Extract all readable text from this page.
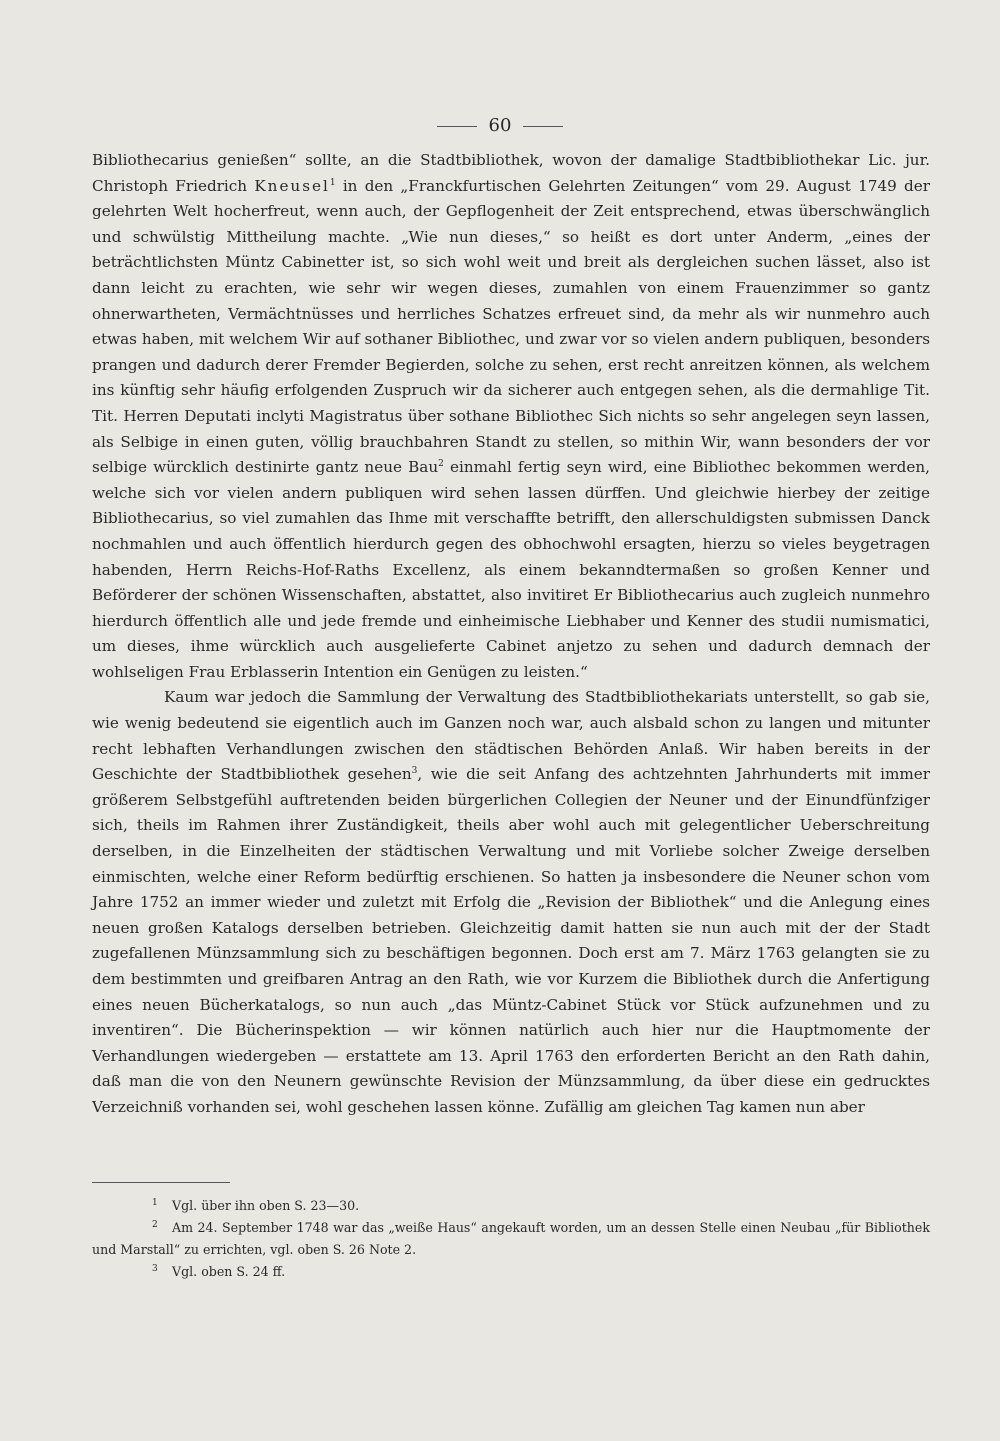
60

Bibliothecarius genießen“ sollte, an die Stadtbibliothek, wovon der damalige Stadtbibliothekar Lic. jur. Christoph Friedrich Kneusel$^1$ in den „Franckfurtischen Gelehrten Zeitungen“ vom 29. August 1749 der gelehrten Welt hocherfreut, wenn auch, der Gepflogenheit der Zeit entsprechend, etwas überschwänglich und schwülstig Mittheilung machte. „Wie nun dieses,“ so heißt es dort unter Anderm, „eines der beträchtlichsten Müntz Cabinetter ist, so sich wohl weit und breit als dergleichen suchen lässet, also ist dann leicht zu erachten, wie sehr wir wegen dieses, zumahlen von einem Frauenzimmer so gantz ohnerwartheten, Vermächtnüsses und herrliches Schatzes erfreuet sind, da mehr als wir nunmehro auch etwas haben, mit welchem Wir auf sothaner Bibliothec, und zwar vor so vielen andern publiquen, besonders prangen und dadurch derer Fremder Begierden, solche zu sehen, erst recht anreitzen können, als welchem ins künftig sehr häufig erfolgenden Zuspruch wir da sicherer auch entgegen sehen, als die dermahlige Tit. Tit. Herren Deputati inclyti Magistratus über sothane Bibliothec Sich nichts so sehr angelegen seyn lassen, als Selbige in einen guten, völlig brauchbahren Standt zu stellen, so mithin Wir, wann besonders der vor selbige würcklich destinirte gantz neue Bau$^2$ einmahl fertig seyn wird, eine Bibliothec bekommen werden, welche sich vor vielen andern publiquen wird sehen lassen dürffen. Und gleichwie hierbey der zeitige Bibliothecarius, so viel zumahlen das Ihme mit verschaffte betrifft, den allerschuldigsten submissen Danck nochmahlen und auch öffentlich hierdurch gegen des obhochwohl ersagten, hierzu so vieles beygetragen habenden, Herrn Reichs-Hof-Raths Excellenz, als einem bekanndtermaßen so großen Kenner und Beförderer der schönen Wissenschaften, abstattet, also invitiret Er Bibliothecarius auch zugleich nunmehro hierdurch öffentlich alle und jede fremde und einheimische Liebhaber und Kenner des studii numismatici, um dieses, ihme würcklich auch ausgelieferte Cabinet anjetzo zu sehen und dadurch demnach der wohlseligen Frau Erblasserin Intention ein Genügen zu leisten.“

Kaum war jedoch die Sammlung der Verwaltung des Stadtbibliothekariats unterstellt, so gab sie, wie wenig bedeutend sie eigentlich auch im Ganzen noch war, auch alsbald schon zu langen und mitunter recht lebhaften Verhandlungen zwischen den städtischen Behörden Anlaß. Wir haben bereits in der Geschichte der Stadtbibliothek gesehen$^3$, wie die seit Anfang des achtzehnten Jahrhunderts mit immer größerem Selbstgefühl auftretenden beiden bürgerlichen Collegien der Neuner und der Einundfünfziger sich, theils im Rahmen ihrer Zuständigkeit, theils aber wohl auch mit gelegentlicher Ueberschreitung derselben, in die Einzelheiten der städtischen Verwaltung und mit Vorliebe solcher Zweige derselben einmischten, welche einer Reform bedürftig erschienen. So hatten ja insbesondere die Neuner schon vom Jahre 1752 an immer wieder und zuletzt mit Erfolg die „Revision der Bibliothek“ und die Anlegung eines neuen großen Katalogs derselben betrieben. Gleichzeitig damit hatten sie nun auch mit der der Stadt zugefallenen Münzsammlung sich zu beschäftigen begonnen. Doch erst am 7. März 1763 gelangten sie zu dem bestimmten und greifbaren Antrag an den Rath, wie vor Kurzem die Bibliothek durch die Anfertigung eines neuen Bücherkatalogs, so nun auch „das Müntz-Cabinet Stück vor Stück aufzunehmen und zu inventiren“. Die Bücherinspektion — wir können natürlich auch hier nur die Hauptmomente der Verhandlungen wiedergeben — erstattete am 13. April 1763 den erforderten Bericht an den Rath dahin, daß man die von den Neunern gewünschte Revision der Münzsammlung, da über diese ein gedrucktes Verzeichniß vorhanden sei, wohl geschehen lassen könne. Zufällig am gleichen Tag kamen nun aber

1 Vgl. über ihn oben S. 23—30.

2 Am 24. September 1748 war das „weiße Haus“ angekauft worden, um an dessen Stelle einen Neubau „für Bibliothek und Marstall“ zu errichten, vgl. oben S. 26 Note 2.

3 Vgl. oben S. 24 ff.
